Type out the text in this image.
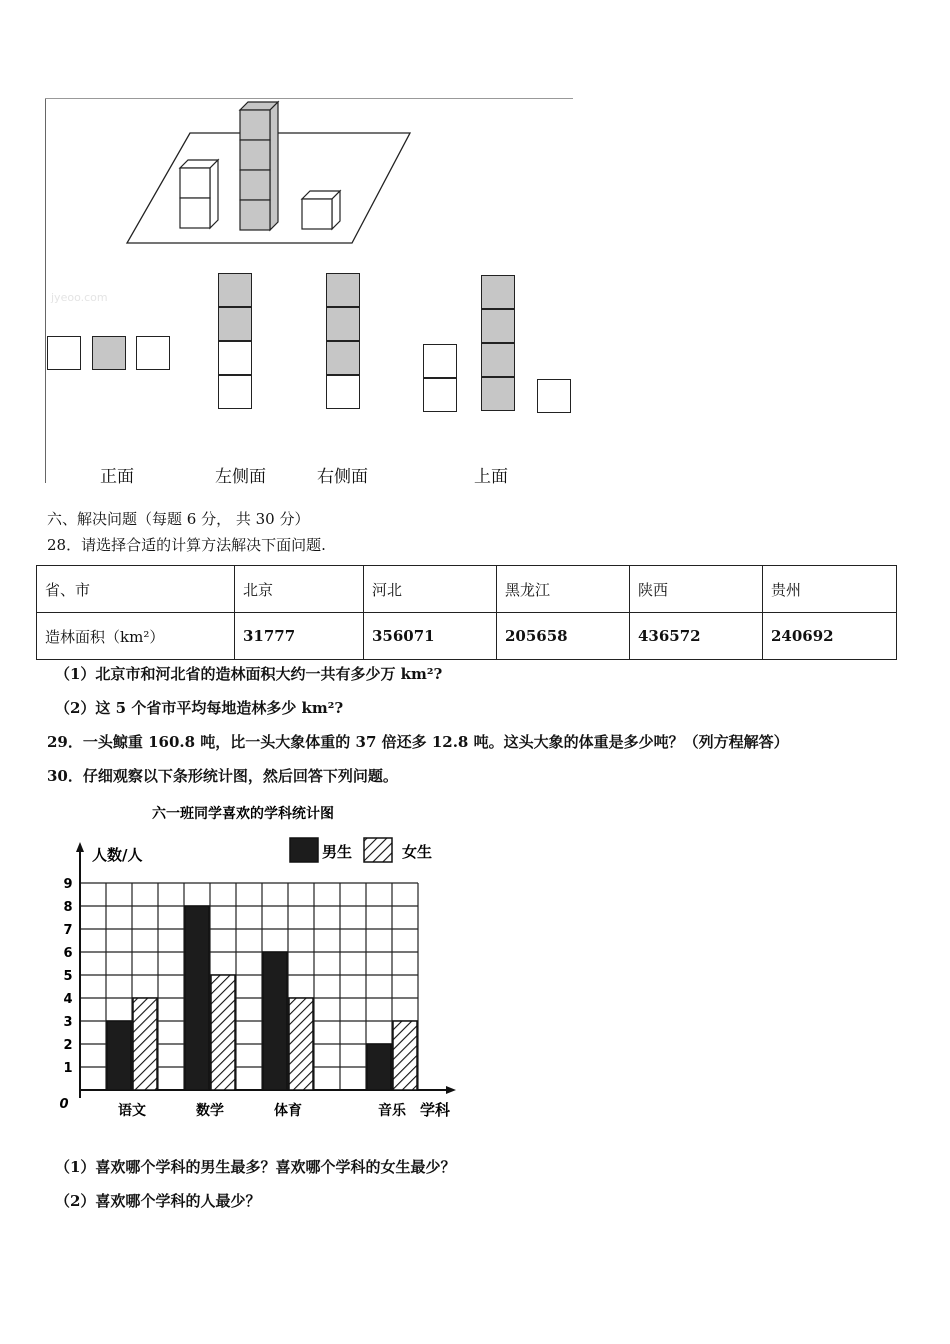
jyeoo.com
正面	左侧面	右侧面	上面
六、解决问题（每题 6 分， 共 30 分）
28．请选择合适的计算方法解决下面问题.
省、市	北京	河北	黑龙江	陕西	贵州
造林面积（km²）	31777	356071	205658	436572	240692
（1）北京市和河北省的造林面积大约一共有多少万 km²?
（2）这 5 个省市平均每地造林多少 km²?
29．一头鲸重 160.8 吨，比一头大象体重的 37 倍还多 12.8 吨。这头大象的体重是多少吨？（列方程解答）
30．仔细观察以下条形统计图，然后回答下列问题。
语文	数学	体育	音乐
0
1
2
3
4
5
6
7
8
9
六一班同学喜欢的学科统计图
人数/人
学科
男生	女生
（1）喜欢哪个学科的男生最多？喜欢哪个学科的女生最少？
（2）喜欢哪个学科的人最少？
